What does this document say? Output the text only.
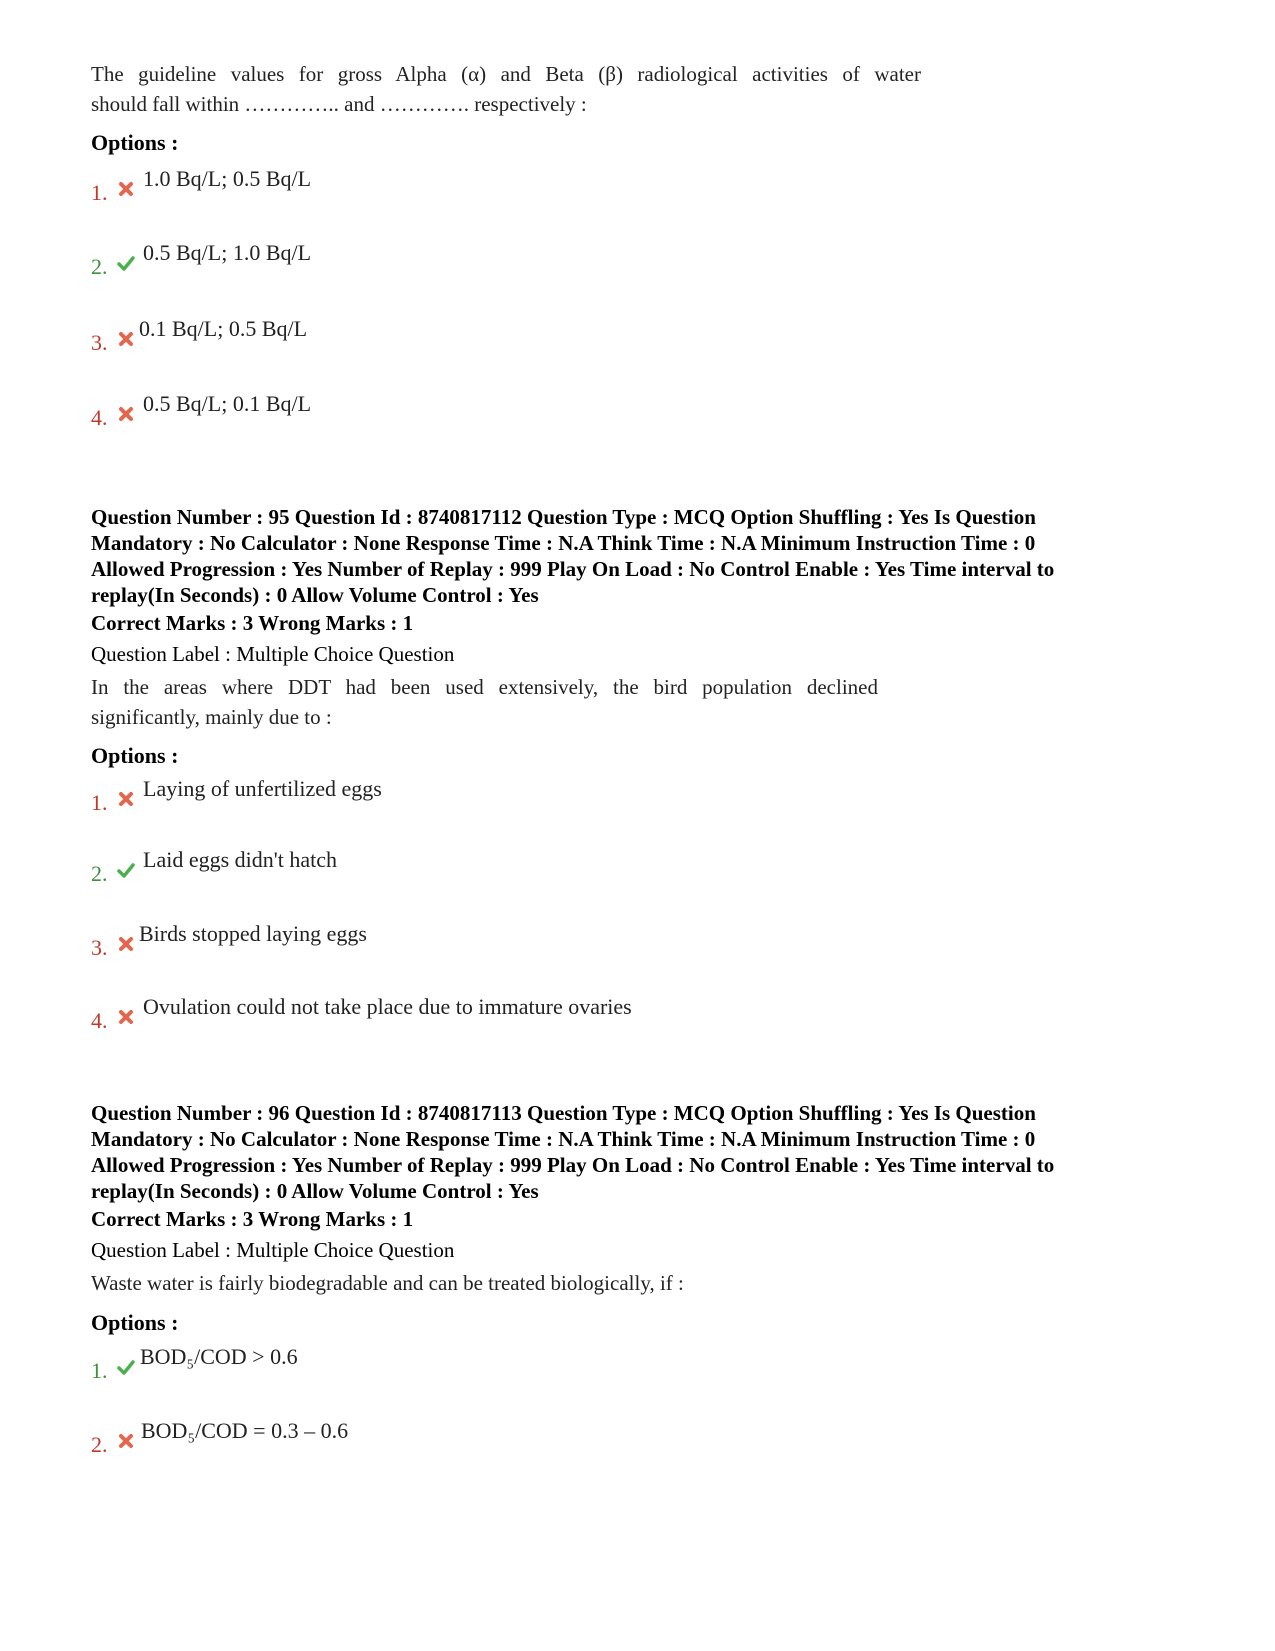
The guideline values for gross Alpha (α) and Beta (β) radiological activities of water
should fall within ………….. and …………. respectively :
Options :
1.
1.0 Bq/L; 0.5 Bq/L
2.
0.5 Bq/L; 1.0 Bq/L
3.
0.1 Bq/L; 0.5 Bq/L
4.
0.5 Bq/L; 0.1 Bq/L
Question Number : 95 Question Id : 8740817112 Question Type : MCQ Option Shuffling : Yes Is Question
Mandatory : No Calculator : None Response Time : N.A Think Time : N.A Minimum Instruction Time : 0
Allowed Progression : Yes Number of Replay : 999 Play On Load : No Control Enable : Yes Time interval to
replay(In Seconds) : 0 Allow Volume Control : Yes
Correct Marks : 3 Wrong Marks : 1
Question Label : Multiple Choice Question
In the areas where DDT had been used extensively, the bird population declined
significantly, mainly due to :
Options :
1.
Laying of unfertilized eggs
2.
Laid eggs didn't hatch
3.
Birds stopped laying eggs
4.
Ovulation could not take place due to immature ovaries
Question Number : 96 Question Id : 8740817113 Question Type : MCQ Option Shuffling : Yes Is Question
Mandatory : No Calculator : None Response Time : N.A Think Time : N.A Minimum Instruction Time : 0
Allowed Progression : Yes Number of Replay : 999 Play On Load : No Control Enable : Yes Time interval to
replay(In Seconds) : 0 Allow Volume Control : Yes
Correct Marks : 3 Wrong Marks : 1
Question Label : Multiple Choice Question
Waste water is fairly biodegradable and can be treated biologically, if :
Options :
1.
BOD₅/COD > 0.6
2.
BOD₅/COD = 0.3 – 0.6
